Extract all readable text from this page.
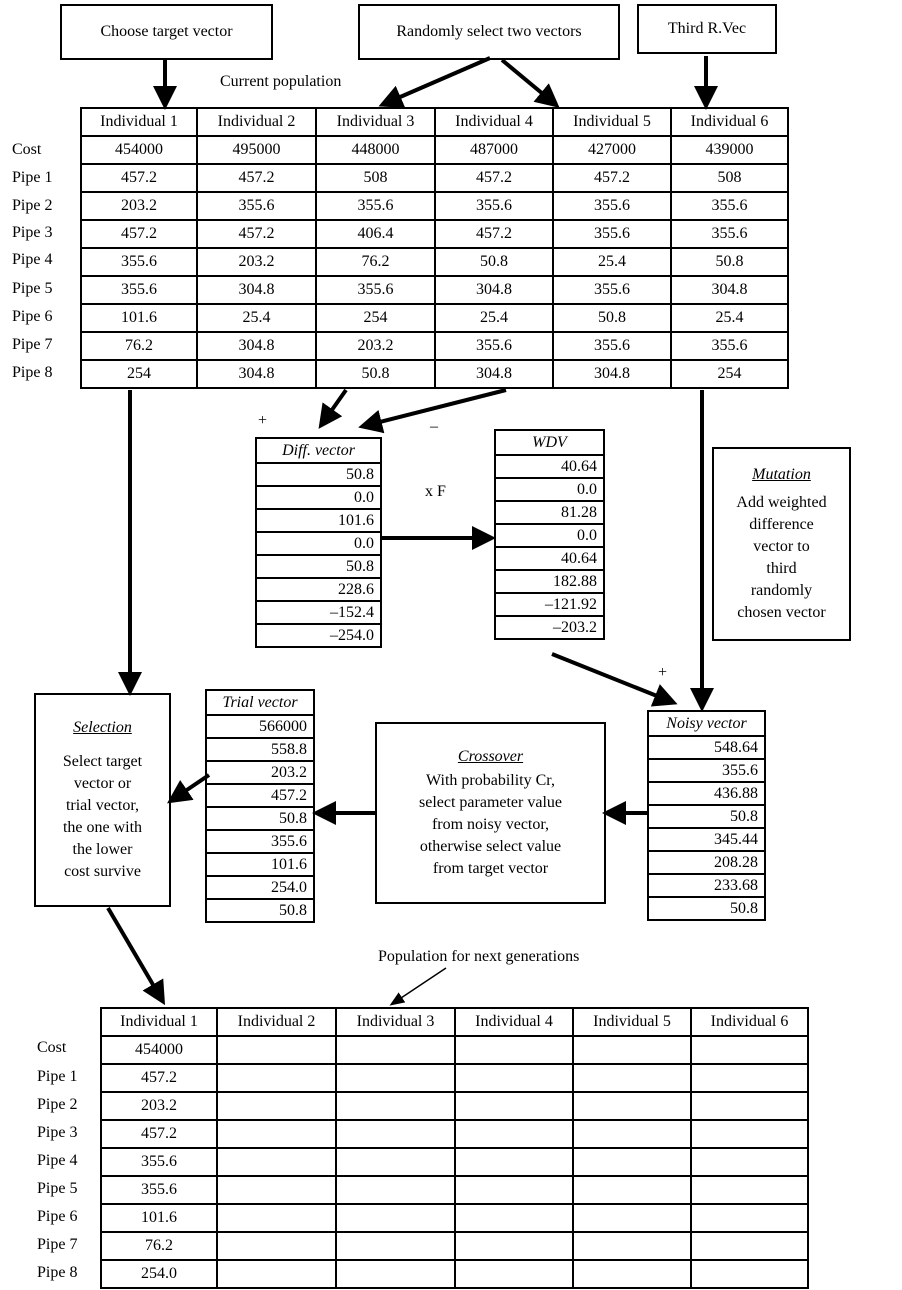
Choose target vector	Randomly select two vectors	Third R.Vec
Current population
Cost
Pipe 1
Pipe 2
Pipe 3
Pipe 4
Pipe 5
Pipe 6
Pipe 7
Pipe 8
Individual 1	Individual 2	Individual 3	Individual 4	Individual 5	Individual 6
454000	495000	448000	487000	427000	439000
457.2	457.2	508	457.2	457.2	508
203.2	355.6	355.6	355.6	355.6	355.6
457.2	457.2	406.4	457.2	355.6	355.6
355.6	203.2	76.2	50.8	25.4	50.8
355.6	304.8	355.6	304.8	355.6	304.8
101.6	25.4	254	25.4	50.8	25.4
76.2	304.8	203.2	355.6	355.6	355.6
254	304.8	50.8	304.8	304.8	254
Diff. vector
50.8
0.0
101.6
0.0
50.8
228.6
–152.4
–254.0
x F
+	–
+
WDV
40.64
0.0
81.28
0.0
40.64
182.88
–121.92
–203.2
Mutation
Add weighted
difference
vector to
third
randomly
chosen vector
Selection
Select target
vector or
trial vector,
the one with
the lower
cost survive
Trial vector
566000
558.8
203.2
457.2
50.8
355.6
101.6
254.0
50.8
Crossover
With probability Cr,
select parameter value
from noisy vector,
otherwise select value
from target vector
Noisy vector
548.64
355.6
436.88
50.8
345.44
208.28
233.68
50.8
Population for next generations
Cost
Pipe 1
Pipe 2
Pipe 3
Pipe 4
Pipe 5
Pipe 6
Pipe 7
Pipe 8
Individual 1	Individual 2	Individual 3	Individual 4	Individual 5	Individual 6
454000					
457.2					
203.2					
457.2					
355.6					
355.6					
101.6					
76.2					
254.0					
